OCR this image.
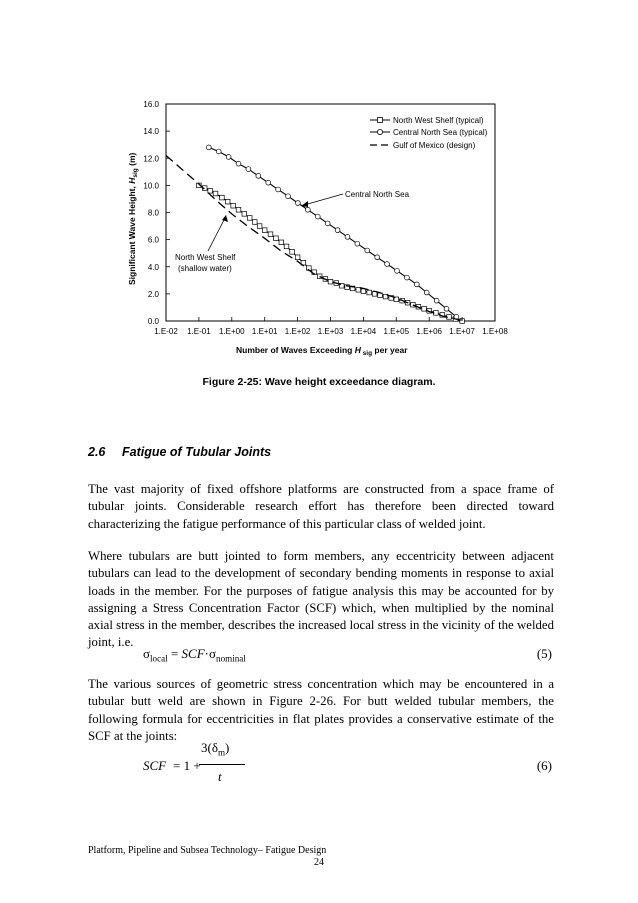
1.E-02 1.E-01 1.E+00 1.E+01 1.E+02 1.E+03 1.E+04 1.E+05 1.E+06 1.E+07 1.E+08
0.0
2.0
4.0
6.0
8.0
10.0
12.0
14.0
16.0
North West Shelf (typical)
Central North Sea (typical)
Gulf of Mexico (design)
Central North Sea
North West Shelf
(shallow water)
Number of Waves Exceeding H $_{sig}$ per year
Significant Wave Height, $H_{sig}$ (m)
Figure 2-25: Wave height exceedance diagram.
2.6 Fatigue of Tubular Joints

The vast majority of fixed offshore platforms are constructed from a space frame of tubular joints. Considerable research effort has therefore been directed toward characterizing the fatigue performance of this particular class of welded joint.

Where tubulars are butt jointed to form members, any eccentricity between adjacent tubulars can lead to the development of secondary bending moments in response to axial loads in the member. For the purposes of fatigue analysis this may be accounted for by assigning a Stress Concentration Factor (SCF) which, when multiplied by the nominal axial stress in the member, describes the increased local stress in the vicinity of the welded joint, i.e.

$\sigma_{local} = SCF\cdot\sigma_{nominal}$	(5)

The various sources of geometric stress concentration which may be encountered in a tubular butt weld are shown in Figure 2-26. For butt welded tubular members, the following formula for eccentricities in flat plates provides a conservative estimate of the SCF at the joints:

SCF = 1 +
$3(\delta_m)$
t
(6)
Platform, Pipeline and Subsea Technology– Fatigue Design
24
